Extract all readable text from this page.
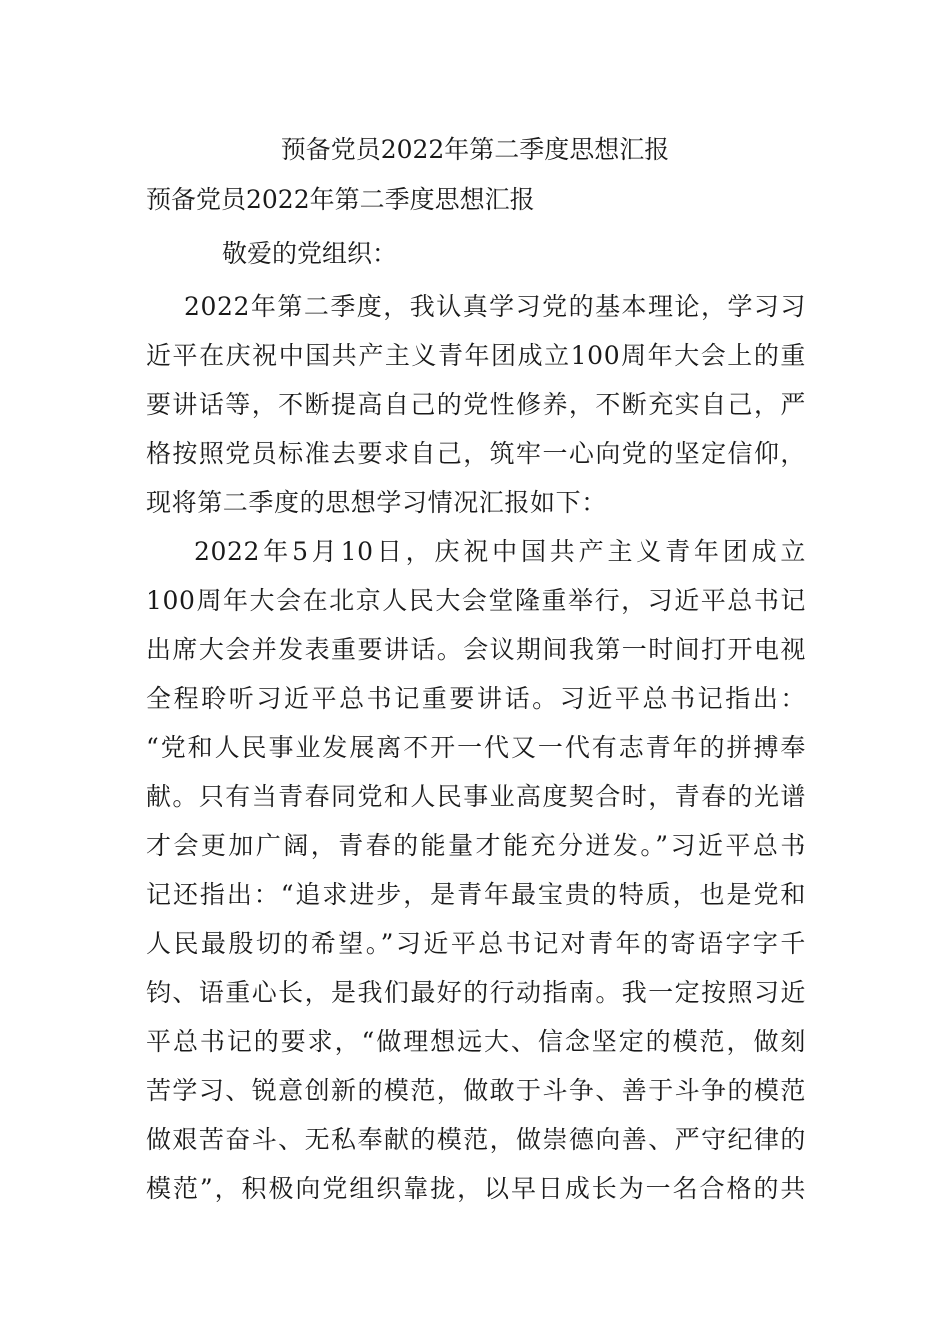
预备党员2022年第二季度思想汇报
预备党员2022年第二季度思想汇报
敬爱的党组织：
2022年第二季度，我认真学习党的基本理论，学习习
近平在庆祝中国共产主义青年团成立100周年大会上的重
要讲话等，不断提高自己的党性修养，不断充实自己，严
格按照党员标准去要求自己，筑牢一心向党的坚定信仰，
现将第二季度的思想学习情况汇报如下：
2022年5月10日，庆祝中国共产主义青年团成立
100周年大会在北京人民大会堂隆重举行，习近平总书记
出席大会并发表重要讲话。会议期间我第一时间打开电视
全程聆听习近平总书记重要讲话。习近平总书记指出：
“党和人民事业发展离不开一代又一代有志青年的拼搏奉
献。只有当青春同党和人民事业高度契合时，青春的光谱
才会更加广阔，青春的能量才能充分迸发。”习近平总书
记还指出：“追求进步，是青年最宝贵的特质，也是党和
人民最殷切的希望。”习近平总书记对青年的寄语字字千
钧、语重心长，是我们最好的行动指南。我一定按照习近
平总书记的要求，“做理想远大、信念坚定的模范，做刻
苦学习、锐意创新的模范，做敢于斗争、善于斗争的模范
做艰苦奋斗、无私奉献的模范，做崇德向善、严守纪律的
模范”，积极向党组织靠拢，以早日成长为一名合格的共
